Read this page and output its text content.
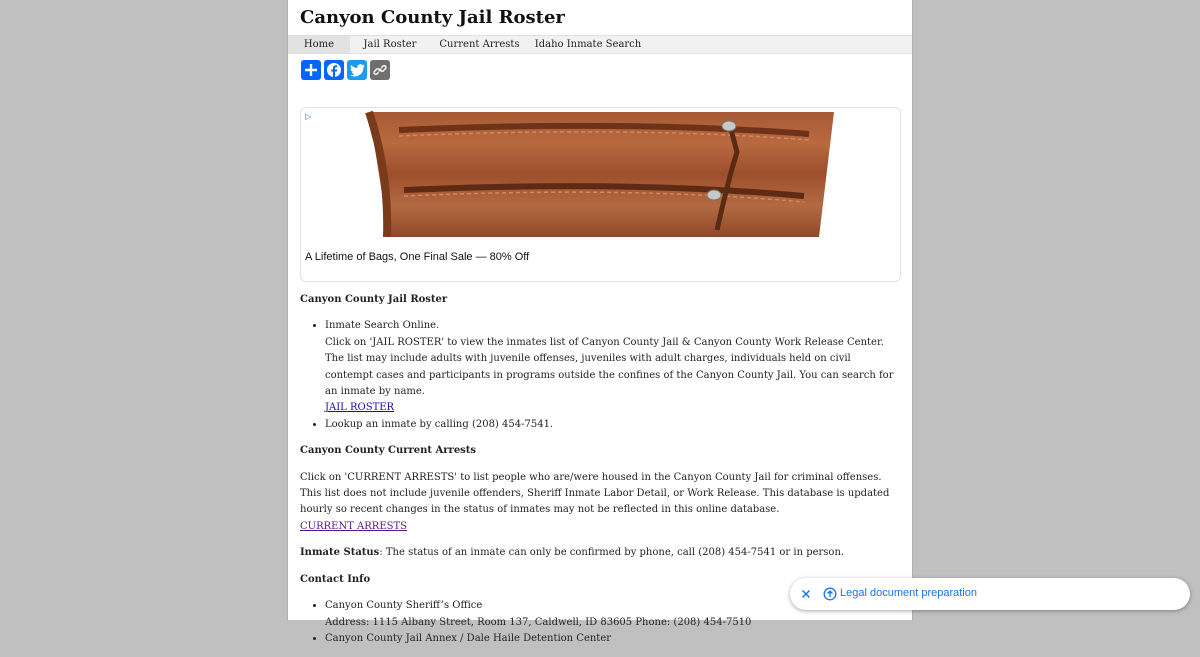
Canyon County Jail Roster
Home	Jail Roster	Current Arrests	Idaho Inmate Search
▷
A Lifetime of Bags, One Final Sale — 80% Off
Canyon County Jail Roster
• Inmate Search Online.
Click on 'JAIL ROSTER' to view the inmates list of Canyon County Jail & Canyon County Work Release Center. The list may include adults with juvenile offenses, juveniles with adult charges, individuals held on civil contempt cases and participants in programs outside the confines of the Canyon County Jail. You can search for an inmate by name.
JAIL ROSTER
• Lookup an inmate by calling (208) 454-7541.
Canyon County Current Arrests

Click on 'CURRENT ARRESTS' to list people who are/were housed in the Canyon County Jail for criminal offenses. This list does not include juvenile offenders, Sheriff Inmate Labor Detail, or Work Release. This database is updated hourly so recent changes in the status of inmates may not be reflected in this online database.
CURRENT ARRESTS

Inmate Status: The status of an inmate can only be confirmed by phone, call (208) 454-7541 or in person.

Contact Info
• Canyon County Sheriff’s Office
Address: 1115 Albany Street, Room 137, Caldwell, ID 83605 Phone: (208) 454-7510
• Canyon County Jail Annex / Dale Haile Detention Center
Legal document preparation
